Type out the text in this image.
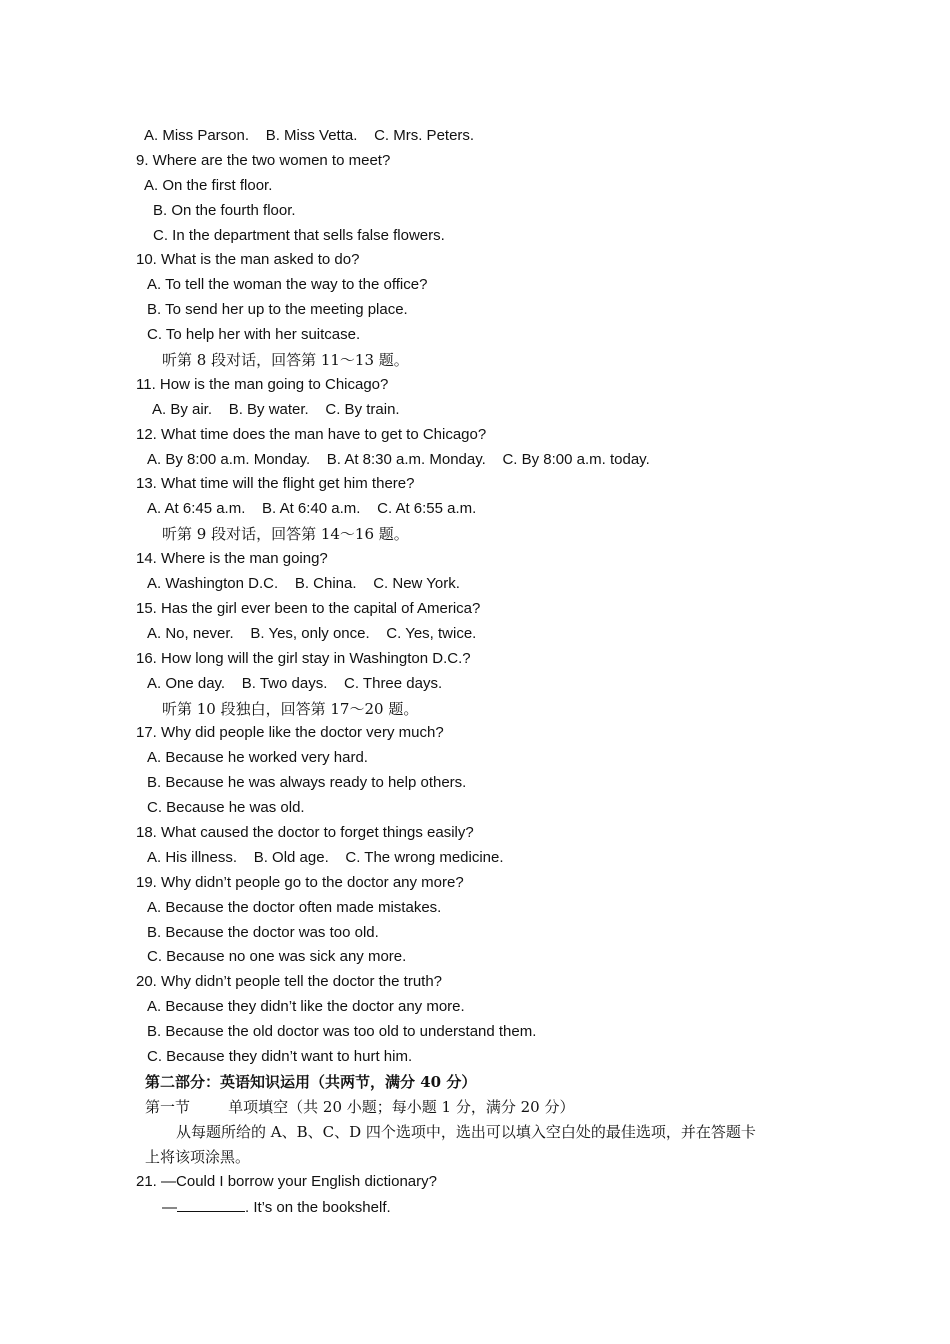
A. Miss Parson.    B. Miss Vetta.    C. Mrs. Peters.
9. Where are the two women to meet?
A. On the first floor.
B. On the fourth floor.
C. In the department that sells false flowers.
10. What is the man asked to do?
A. To tell the woman the way to the office?
B. To send her up to the meeting place.
C. To help her with her suitcase.
听第 8 段对话，回答第 11～13 题。
11. How is the man going to Chicago?
A. By air.    B. By water.    C. By train.
12. What time does the man have to get to Chicago?
A. By 8:00 a.m. Monday.    B. At 8:30 a.m. Monday.    C. By 8:00 a.m. today.
13. What time will the flight get him there?
A. At 6:45 a.m.    B. At 6:40 a.m.    C. At 6:55 a.m.
听第 9 段对话，回答第 14～16 题。
14. Where is the man going?
A. Washington D.C.    B. China.    C. New York.
15. Has the girl ever been to the capital of America?
A. No, never.    B. Yes, only once.    C. Yes, twice.
16. How long will the girl stay in Washington D.C.?
A. One day.    B. Two days.    C. Three days.
听第 10 段独白，回答第 17～20 题。
17. Why did people like the doctor very much?
A. Because he worked very hard.
B. Because he was always ready to help others.
C. Because he was old.
18. What caused the doctor to forget things easily?
A. His illness.    B. Old age.    C. The wrong medicine.
19. Why didn’t people go to the doctor any more?
A. Because the doctor often made mistakes.
B. Because the doctor was too old.
C. Because no one was sick any more.
20. Why didn’t people tell the doctor the truth?
A. Because they didn’t like the doctor any more.
B. Because the old doctor was too old to understand them.
C. Because they didn’t want to hurt him.
第二部分：英语知识运用（共两节，满分 40 分）
第一节        单项填空（共 20 小题；每小题 1 分，满分 20 分）
从每题所给的 A、B、C、D 四个选项中，选出可以填入空白处的最佳选项，并在答题卡
上将该项涂黑。
21. —Could I borrow your English dictionary?
—	. It’s on the bookshelf.
